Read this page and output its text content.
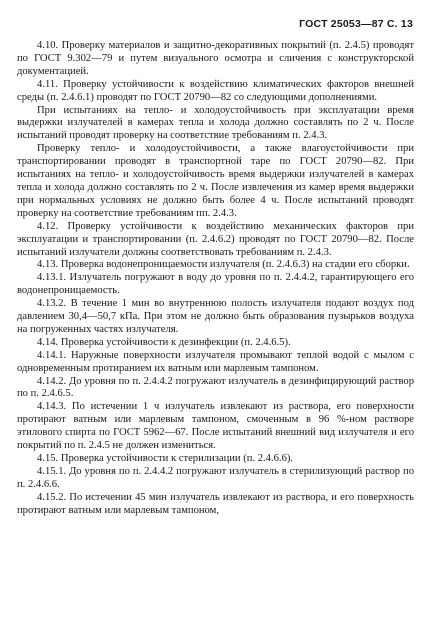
ГОСТ 25053—87 С. 13

4.10. Проверку материалов и защитно-декоративных покрытий (п. 2.4.5) проводят по ГОСТ 9.302—79 и путем визуального осмотра и сличения с конструкторской документацией.

4.11. Проверку устойчивости к воздействию климатических факторов внешней среды (п. 2.4.6.1) проводят по ГОСТ 20790—82 со следующими дополнениями.

При испытаниях на тепло- и холодоустойчивость при эксплуатации время выдержки излучателей в камерах тепла и холода должно составлять по 2 ч. После испытаний проводят проверку на соответствие требованиям п. 2.4.3.

Проверку тепло- и холодоустойчивости, а также влагоустойчивости при транспортировании проводят в транспортной таре по ГОСТ 20790—82. При испытаниях на тепло- и холодоустойчивость время выдержки излучателей в камерах тепла и холода должно составлять по 2 ч. После извлечения из камер время выдержки при нормальных условиях не должно быть более 4 ч. После испытаний проводят проверку на соответствие требованиям пп. 2.4.3.

4.12. Проверку устойчивости к воздействию механических факторов при эксплуатации и транспортировании (п. 2.4.6.2) проводят по ГОСТ 20790—82. После испытаний излучатели должны соответствовать требованиям п. 2.4.3.

4.13. Проверка водонепроницаемости излучателя (п. 2.4.6.3) на стадии его сборки.

4.13.1. Излучатель погружают в воду до уровня по п. 2.4.4.2, гарантирующего его водонепроницаемость.

4.13.2. В течение 1 мин во внутреннюю полость излучателя подают воздух под давлением 30,4—50,7 кПа. При этом не должно быть образования пузырьков воздуха на погруженных частях излучателя.

4.14. Проверка устойчивости к дезинфекции (п. 2.4.6.5).

4.14.1. Наружные поверхности излучателя промывают теплой водой с мылом с одновременным протиранием их ватным или марлевым тампоном.

4.14.2. До уровня по п. 2.4.4.2 погружают излучатель в дезинфицирующий раствор по п. 2.4.6.5.

4.14.3. По истечении 1 ч излучатель извлекают из раствора, его поверхности протирают ватным или марлевым тампоном, смоченным в 96 %-ном растворе этилового спирта по ГОСТ 5962—67. После испытаний внешний вид излучателя и его покрытий по п. 2.4.5 не должен измениться.

4.15. Проверка устойчивости к стерилизации (п. 2.4.6.6).

4.15.1. До уровня по п. 2.4.4.2 погружают излучатель в стерилизующий раствор по п. 2.4.6.6.

4.15.2. По истечении 45 мин излучатель извлекают из раствора, и его поверхность протирают ватным или марлевым тампоном,
